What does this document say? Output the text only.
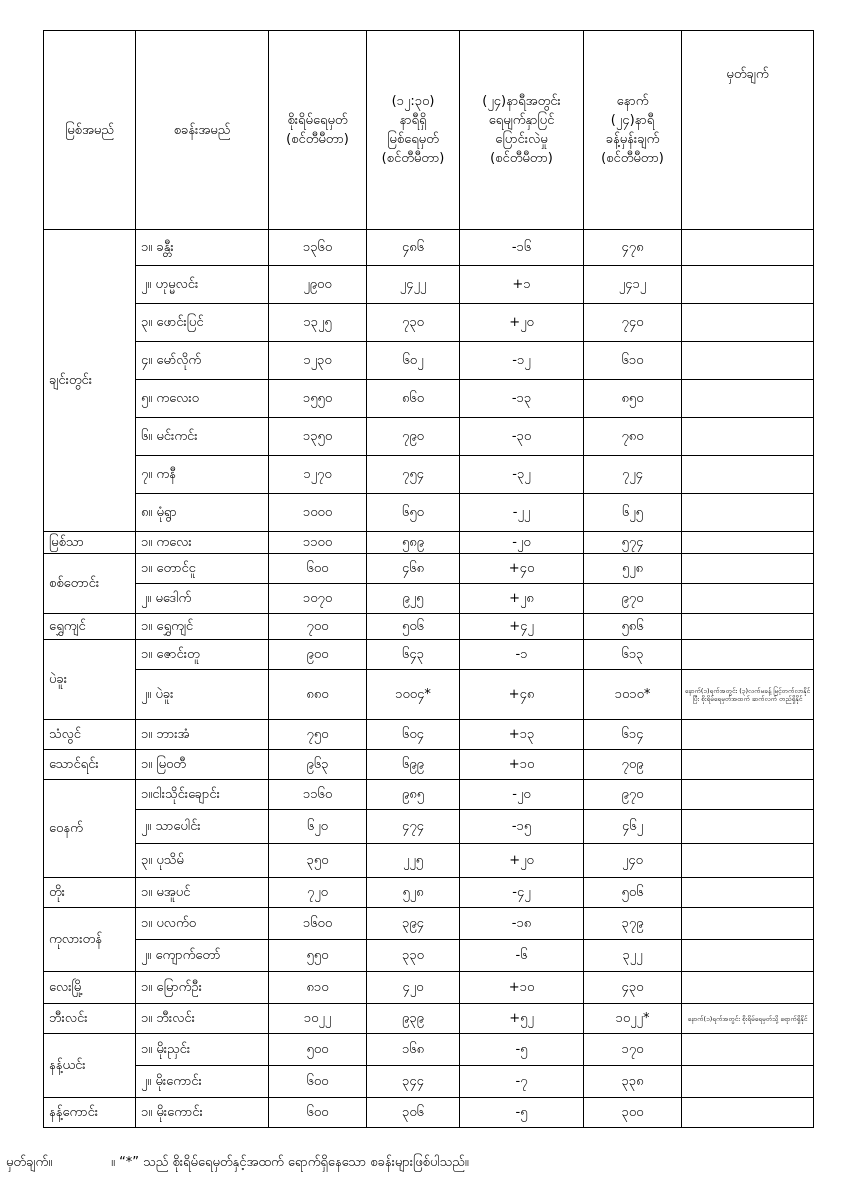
မြစ်အမည်	စခန်းအမည်	စိုးရိမ်ရေမှတ်
(စင်တီမီတာ)	(၁၂:၃၀)
နာရီရှိ
မြစ်ရေမှတ်
(စင်တီမီတာ)	(၂၄)နာရီအတွင်း
ရေမျက်နှာပြင်
ပြောင်းလဲမှု
(စင်တီမီတာ)	နောက်
(၂၄)နာရီ
ခန့်မှန်းချက်
(စင်တီမီတာ)	မှတ်ချက်
ချင်းတွင်း	၁။ ခန္တီး	၁၃၆၀	၄၈၆	-၁၆	၄၇၈	
	၂။ ဟုမ္မလင်း	၂၉၀၀	၂၄၂၂	+၁	၂၄၁၂	
	၃။ ဖောင်းပြင်	၁၃၂၅	၇၃၀	+၂၀	၇၄၀	
	၄။ မော်လိုက်	၁၂၃၀	၆၀၂	-၁၂	၆၁၀	
	၅။ ကလေးဝ	၁၅၅၀	၈၆၀	-၁၃	၈၅၀	
	၆။ မင်းကင်း	၁၃၅၀	၇၉၀	-၃၀	၇၈၀	
	၇။ ကနီ	၁၂၇၀	၇၅၄	-၃၂	၇၂၄	
	၈။ မုံရွာ	၁၀၀၀	၆၅၀	-၂၂	၆၂၅	
မြစ်သာ	၁။ ကလေး	၁၁၀၀	၅၈၉	-၂၀	၅၇၄	
စစ်တောင်း	၁။ တောင်ငူ	၆၀၀	၄၆၈	+၄၀	၅၂၈	
	၂။ မဒေါက်	၁၀၇၀	၉၂၅	+၂၈	၉၇၀	
ရွှေကျင်	၁။ ရွှေကျင်	၇၀၀	၅၀၆	+၄၂	၅၈၆	
ပဲခူး	၁။ ဇောင်းတူ	၉၀၀	၆၄၃	-၁	၆၁၃	
	၂။ ပဲခူး	၈၈၀	၁၀၀၄*	+၄၈	၁၀၁၀*	နောက်(၁)ရက်အတွင်း (၃)လက်မခန့် မြင့်တက်လာနိုင်ပြီး စိုးရိမ်ရေမှတ်အထက် ဆက်လက် တည်ရှိနိုင်
သံလွင်	၁။ ဘားအံ	၇၅၀	၆၀၄	+၁၃	၆၁၄	
သောင်ရင်း	၁။ မြဝတီ	၉၆၃	၆၉၉	+၁၀	၇၀၉	
ဝေနက်	၁။ငါးသိုင်းချောင်း	၁၁၆၀	၉၈၅	-၂၀	၉၇၀	
	၂။ သာပေါင်း	၆၂၀	၄၇၄	-၁၅	၄၆၂	
	၃။ ပုသိမ်	၃၅၀	၂၂၅	+၂၀	၂၄၀	
တိုး	၁။ မအူပင်	၇၂၀	၅၂၈	-၄၂	၅၀၆	
ကုလားတန်	၁။ ပလက်ဝ	၁၆၀၀	၃၉၄	-၁၈	၃၇၉	
	၂။ ကျောက်တော်	၅၅၀	၃၃၀	-၆	၃၂၂	
လေးမြို့	၁။ မြောက်ဦး	၈၁၀	၄၂၀	+၁၀	၄၃၀	
ဘီးလင်း	၁။ ဘီးလင်း	၁၀၂၂	၉၃၉	+၅၂	၁၀၂၂*	နောက်(၁)ရက်အတွင်း စိုးရိမ်ရေမှတ်သို့ ရောက်ရှိနိုင်
နန့်ယင်း	၁။ မိုးညှင်း	၅၀၀	၁၆၈	-၅	၁၇၀	
	၂။ မိုးကောင်း	၆၀၀	၃၄၄	-၇	၃၃၈	
နန့်ကောင်း	၁။ မိုးကောင်း	၆၀၀	၃၀၆	-၅	၃၀၀	
မှတ်ချက်။	။ “*” သည် စိုးရိမ်ရေမှတ်နှင့်အထက် ရောက်ရှိနေသော စခန်းများဖြစ်ပါသည်။
